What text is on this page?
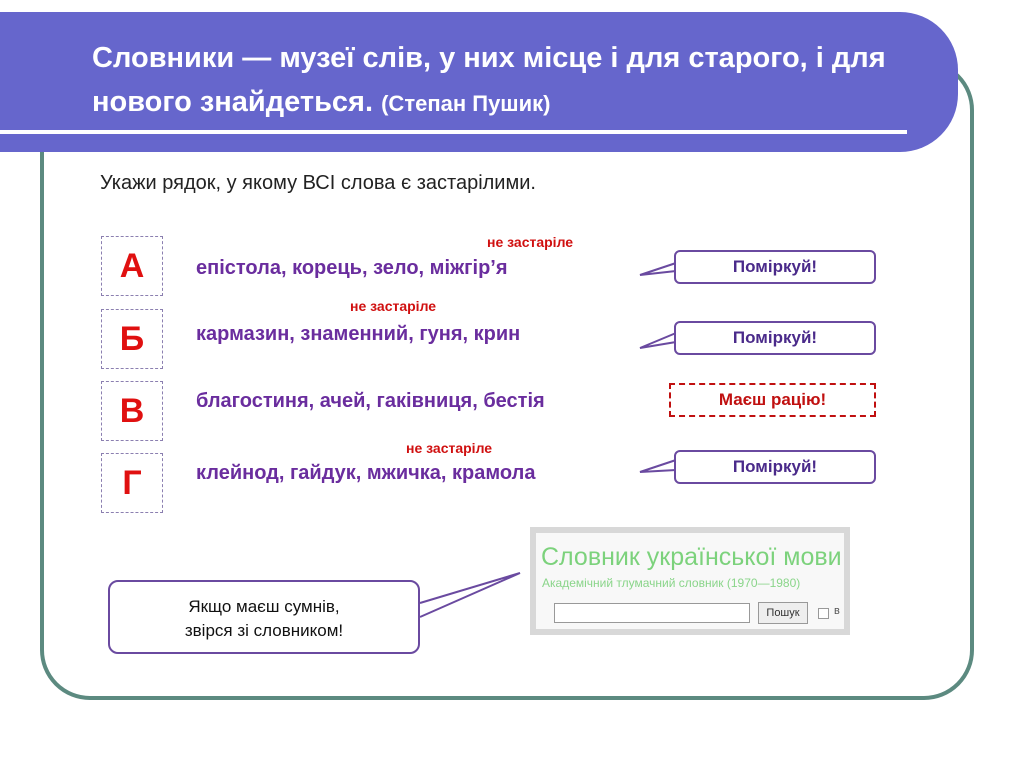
Словники — музеї слів, у них місце і для старого, і для нового знайдеться. (Степан Пушик)
Укажи рядок, у якому ВСІ слова є застарілими.
А
не застаріле
епістола, корець, зело, міжгір’я	Поміркуй!
Б
не застаріле
кармазин, знаменний, гуня, крин	Поміркуй!
В	благостиня, ачей, гаківниця, бестія	Маєш рацію!
Г
не застаріле
клейнод, гайдук, мжичка, крамола	Поміркуй!
Якщо маєш сумнів,
звірся зі словником!
Словник української мови
Академічний тлумачний словник (1970—1980)
Пошук	в
